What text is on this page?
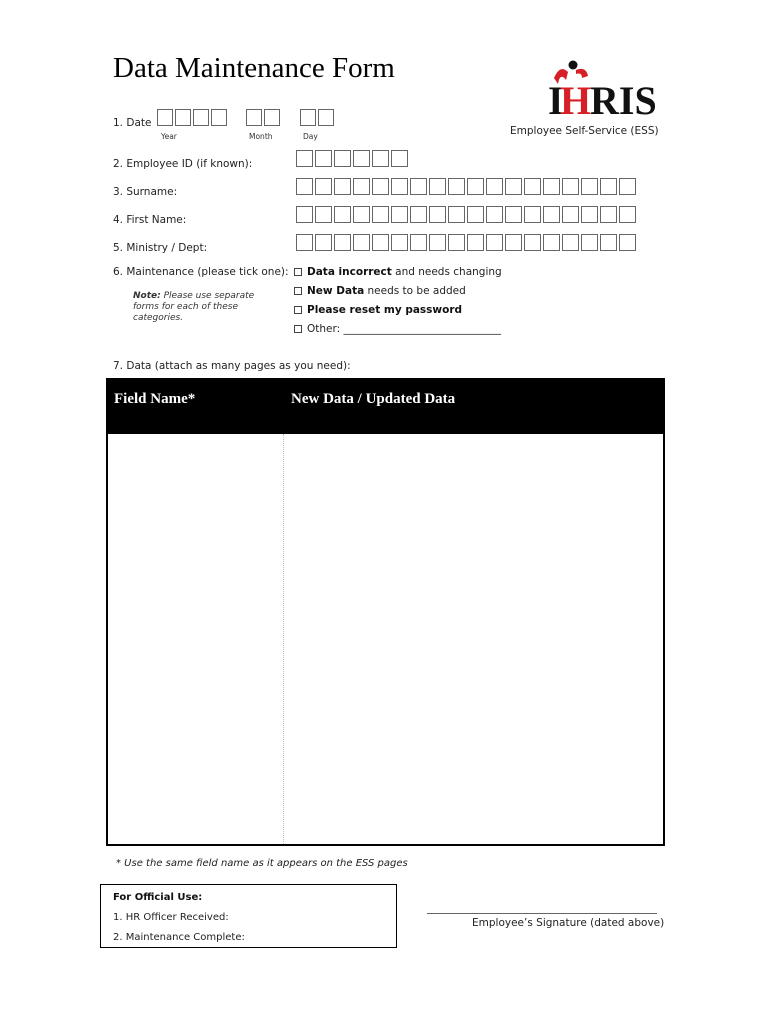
Data Maintenance Form
I
H
RIS
Employee Self-Service (ESS)
1. Date
Year	Month	Day
2. Employee ID (if known):
3. Surname:
4. First Name:
5. Ministry / Dept:
6. Maintenance (please tick one):	Data incorrect and needs changing
New Data needs to be added
Please reset my password
Other: ______________________________
Note: Please use separate forms for each of these categories.
7. Data (attach as many pages as you need):
Field Name*	New Data / Updated Data
* Use the same field name as it appears on the ESS pages
For Official Use:
1. HR Officer Received:
2. Maintenance Complete:
Employee’s Signature (dated above)
